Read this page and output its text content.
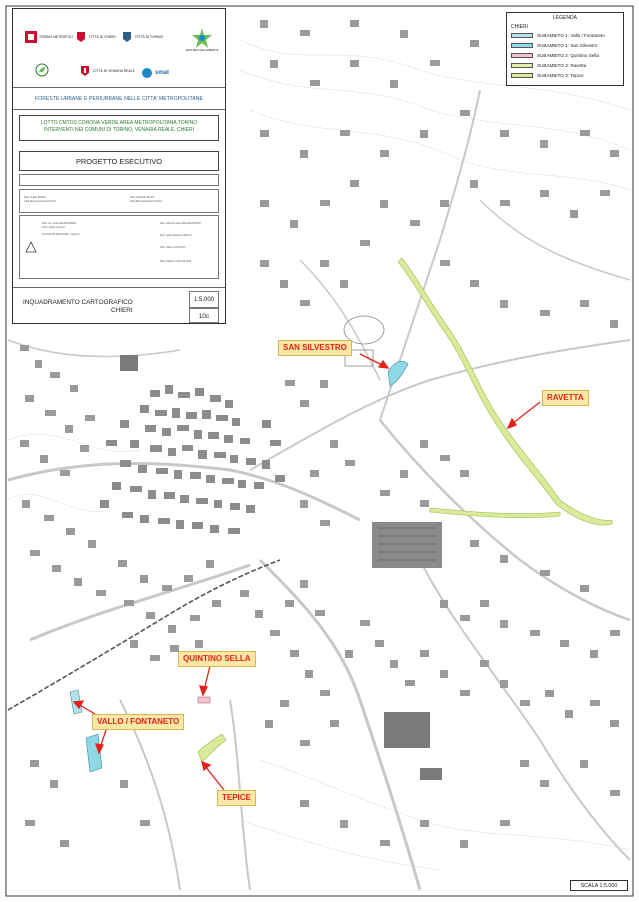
TORINO METROPOLI	CITTÀ DI CHIERI	CITTÀ DI TORINO
MINISTERO DELL'AMBIENTE
CITTÀ DI VENARIA REALE	smat
FORESTE URBANE E PERIURBANE NELLE CITTA' METROPOLITANE
LOTTO CMTOS CORONA VERDE AREA METROPOLITANA TORINO
INTERVENTI NEI COMUNI DI TORINO, VENARIA REALE, CHIERI
PROGETTO ESECUTIVO
Dott. Guido BOGO
Città Metropolitana di Torino
Dott. Gabriele BOVO
Città Metropolitana di Torino
Dott. for. Guido BLANCHARD
Arch. Paolo GALLO
STUDIO BLANCHARD - GALLO
Dott. Elvio Ernesto DE MAGISTRIS
Dott. Gian Michele CIRULLI
Dott. Mauro ZUCCON
Dott. Matteo CASTIGLIONI
INQUADRAMENTO CARTOGRAFICO
CHIERI
1:5.000
10c
LEGENDA
CHIERI
SUBAMBITO 1: Vallo / Fontaneto
SUBAMBITO 1: San Silvestro
SUBAMBITO 2: Quintino Sella
SUBAMBITO 3: Ravetta
SUBAMBITO 3: Tepice
SAN SILVESTRO
RAVETTA
QUINTINO SELLA
VALLO / FONTANETO
TEPICE
SCALA 1:5.000
